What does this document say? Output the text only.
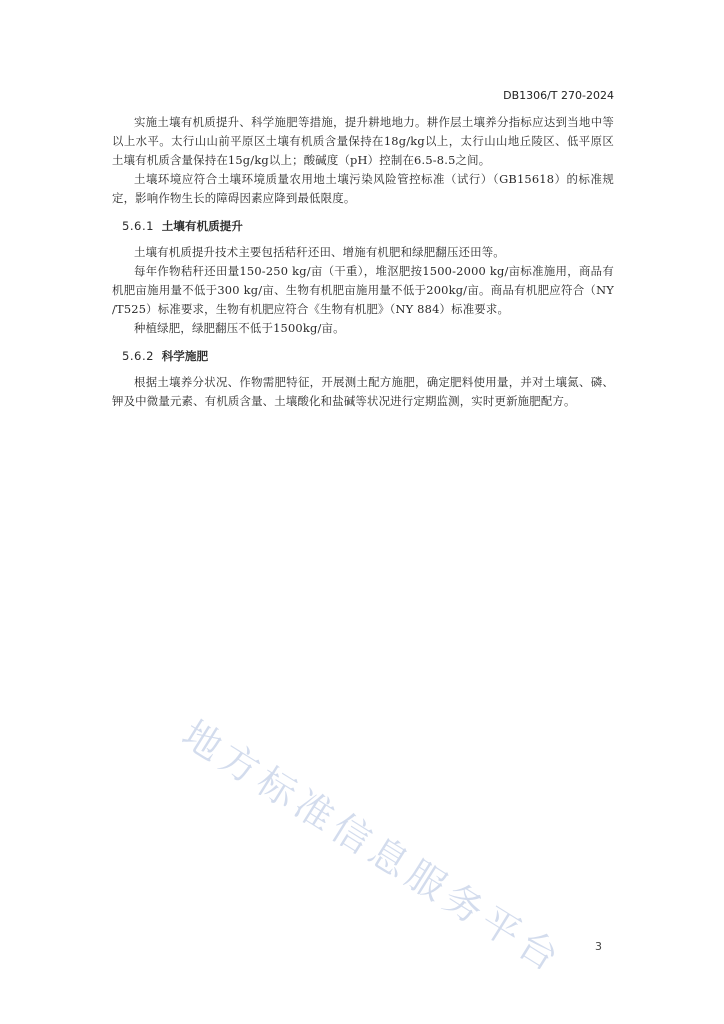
DB1306/T 270-2024

实施土壤有机质提升、科学施肥等措施，提升耕地地力。耕作层土壤养分指标应达到当地中等以上水平。太行山山前平原区土壤有机质含量保持在18g/kg以上，太行山山地丘陵区、低平原区土壤有机质含量保持在15g/kg以上；酸碱度（pH）控制在6.5-8.5之间。

土壤环境应符合土壤环境质量农用地土壤污染风险管控标准（试行）（GB15618）的标准规定，影响作物生长的障碍因素应降到最低限度。

5.6.1 土壤有机质提升

土壤有机质提升技术主要包括秸秆还田、增施有机肥和绿肥翻压还田等。

每年作物秸秆还田量150-250 kg/亩（干重），堆沤肥按1500-2000 kg/亩标准施用，商品有机肥亩施用量不低于300 kg/亩、生物有机肥亩施用量不低于200kg/亩。商品有机肥应符合（NY /T525）标准要求，生物有机肥应符合《生物有机肥》（NY 884）标准要求。

种植绿肥，绿肥翻压不低于1500kg/亩。

5.6.2 科学施肥

根据土壤养分状况、作物需肥特征，开展测土配方施肥，确定肥料使用量，并对土壤氮、磷、钾及中微量元素、有机质含量、土壤酸化和盐碱等状况进行定期监测，实时更新施肥配方。

地方标准信息服务平台	3
